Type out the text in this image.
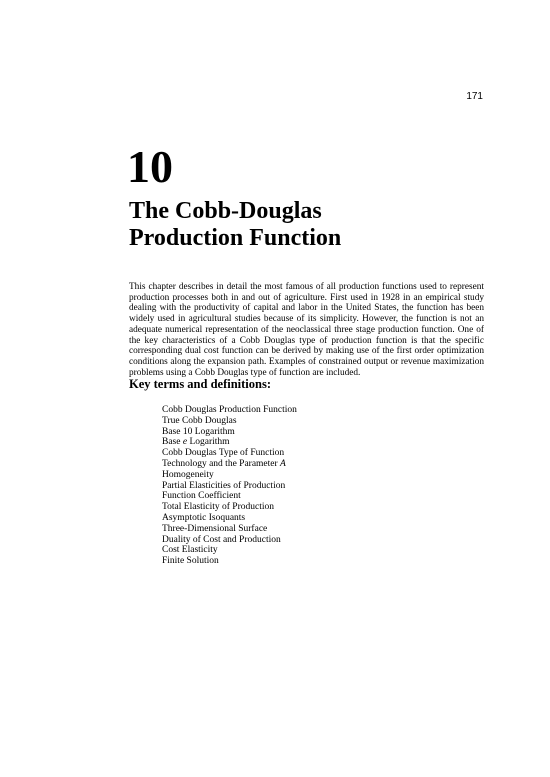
171
10
The Cobb-Douglas
Production Function

This chapter describes in detail the most famous of all production functions used to represent production processes both in and out of agriculture. First used in 1928 in an empirical study dealing with the productivity of capital and labor in the United States, the function has been widely used in agricultural studies because of its simplicity. However, the function is not an adequate numerical representation of the neoclassical three stage production function. One of the key characteristics of a Cobb Douglas type of production function is that the specific corresponding dual cost function can be derived by making use of the first order optimization conditions along the expansion path. Examples of constrained output or revenue maximization problems using a Cobb Douglas type of function are included.

Key terms and definitions:
Cobb Douglas Production Function
True Cobb Douglas
Base 10 Logarithm
Base e Logarithm
Cobb Douglas Type of Function
Technology and the Parameter A
Homogeneity
Partial Elasticities of Production
Function Coefficient
Total Elasticity of Production
Asymptotic Isoquants
Three-Dimensional Surface
Duality of Cost and Production
Cost Elasticity
Finite Solution
